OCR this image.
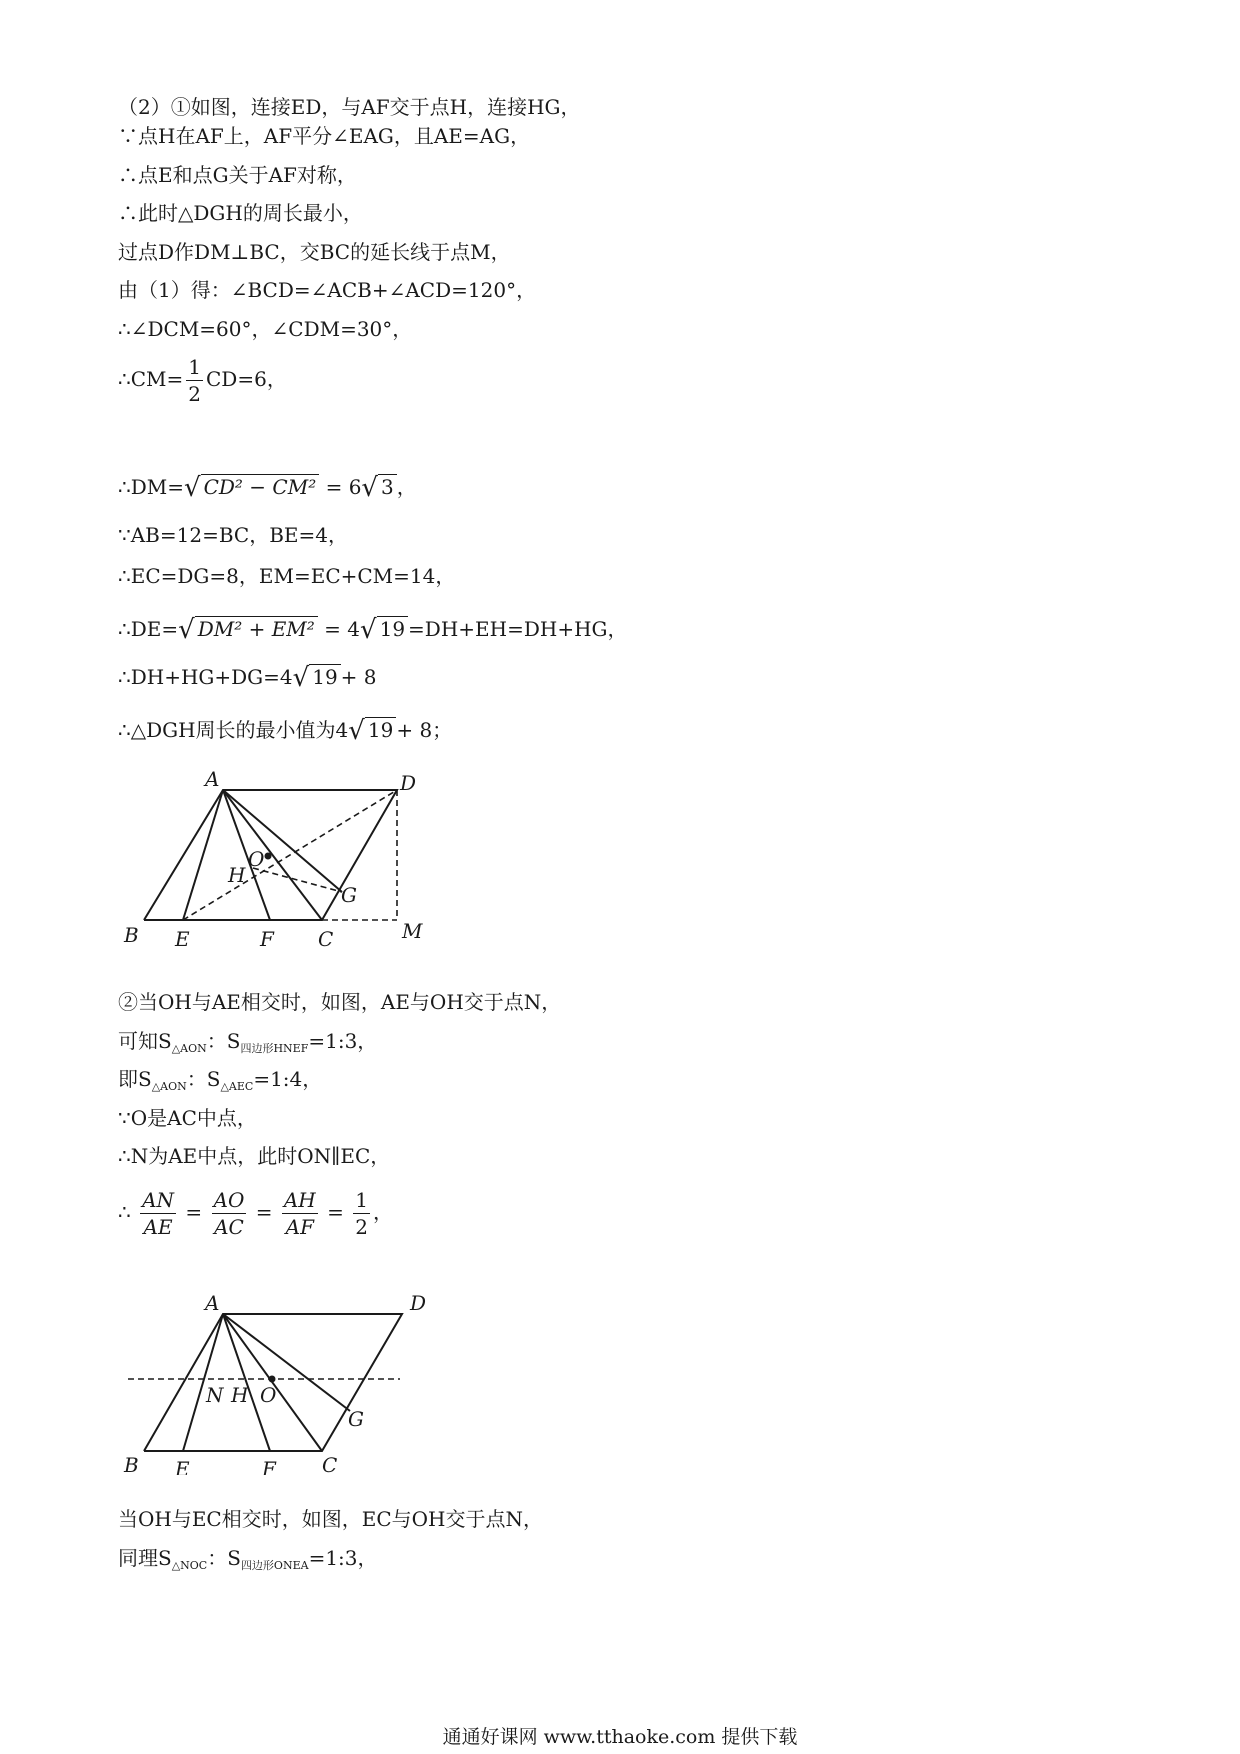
（2）①如图，连接ED，与AF交于点H，连接HG，
∵点H在AF上，AF平分∠EAG，且AE=AG，
∴点E和点G关于AF对称，
∴此时△DGH的周长最小，
过点D作DM⊥BC，交BC的延长线于点M，
由（1）得：∠BCD=∠ACB+∠ACD=120°，
∴∠DCM=60°，∠CDM=30°，
∴CM= $\frac{1}{2} CD=6$，
∴DM=√ CD² − CM² = 6√ 3 ，
∵AB=12=BC，BE=4，
∴EC=DG=8，EM=EC+CM=14，
∴DE=√ DM² + EM² = 4√ 19 =DH+EH=DH+HG，
∴DH+HG+DG=4√ 19 + 8
∴△DGH周长的最小值为4√ 19 + 8；
A	D
O
H
G
B E	F C	M
②当OH与AE相交时，如图，AE与OH交于点N，
可知$S_{\triangle AON}$：$S_{四边形HNEF}=1:3$，
即$S_{\triangle AON}$：$S_{\triangle AEC}=1:4$，
∵O是AC中点，
∴N为AE中点，此时ON∥EC，
∴ $\frac{AN}{AE} = \frac{AO}{AC} = \frac{AH}{AF} = \frac{1}{2}$ ，
A	D
N H O
G
B E	F C
当OH与EC相交时，如图，EC与OH交于点N，
同理$S_{\triangle NOC}$：$S_{四边形ONEA}=1:3$，
通通好课网 www.tthaoke.com 提供下载
